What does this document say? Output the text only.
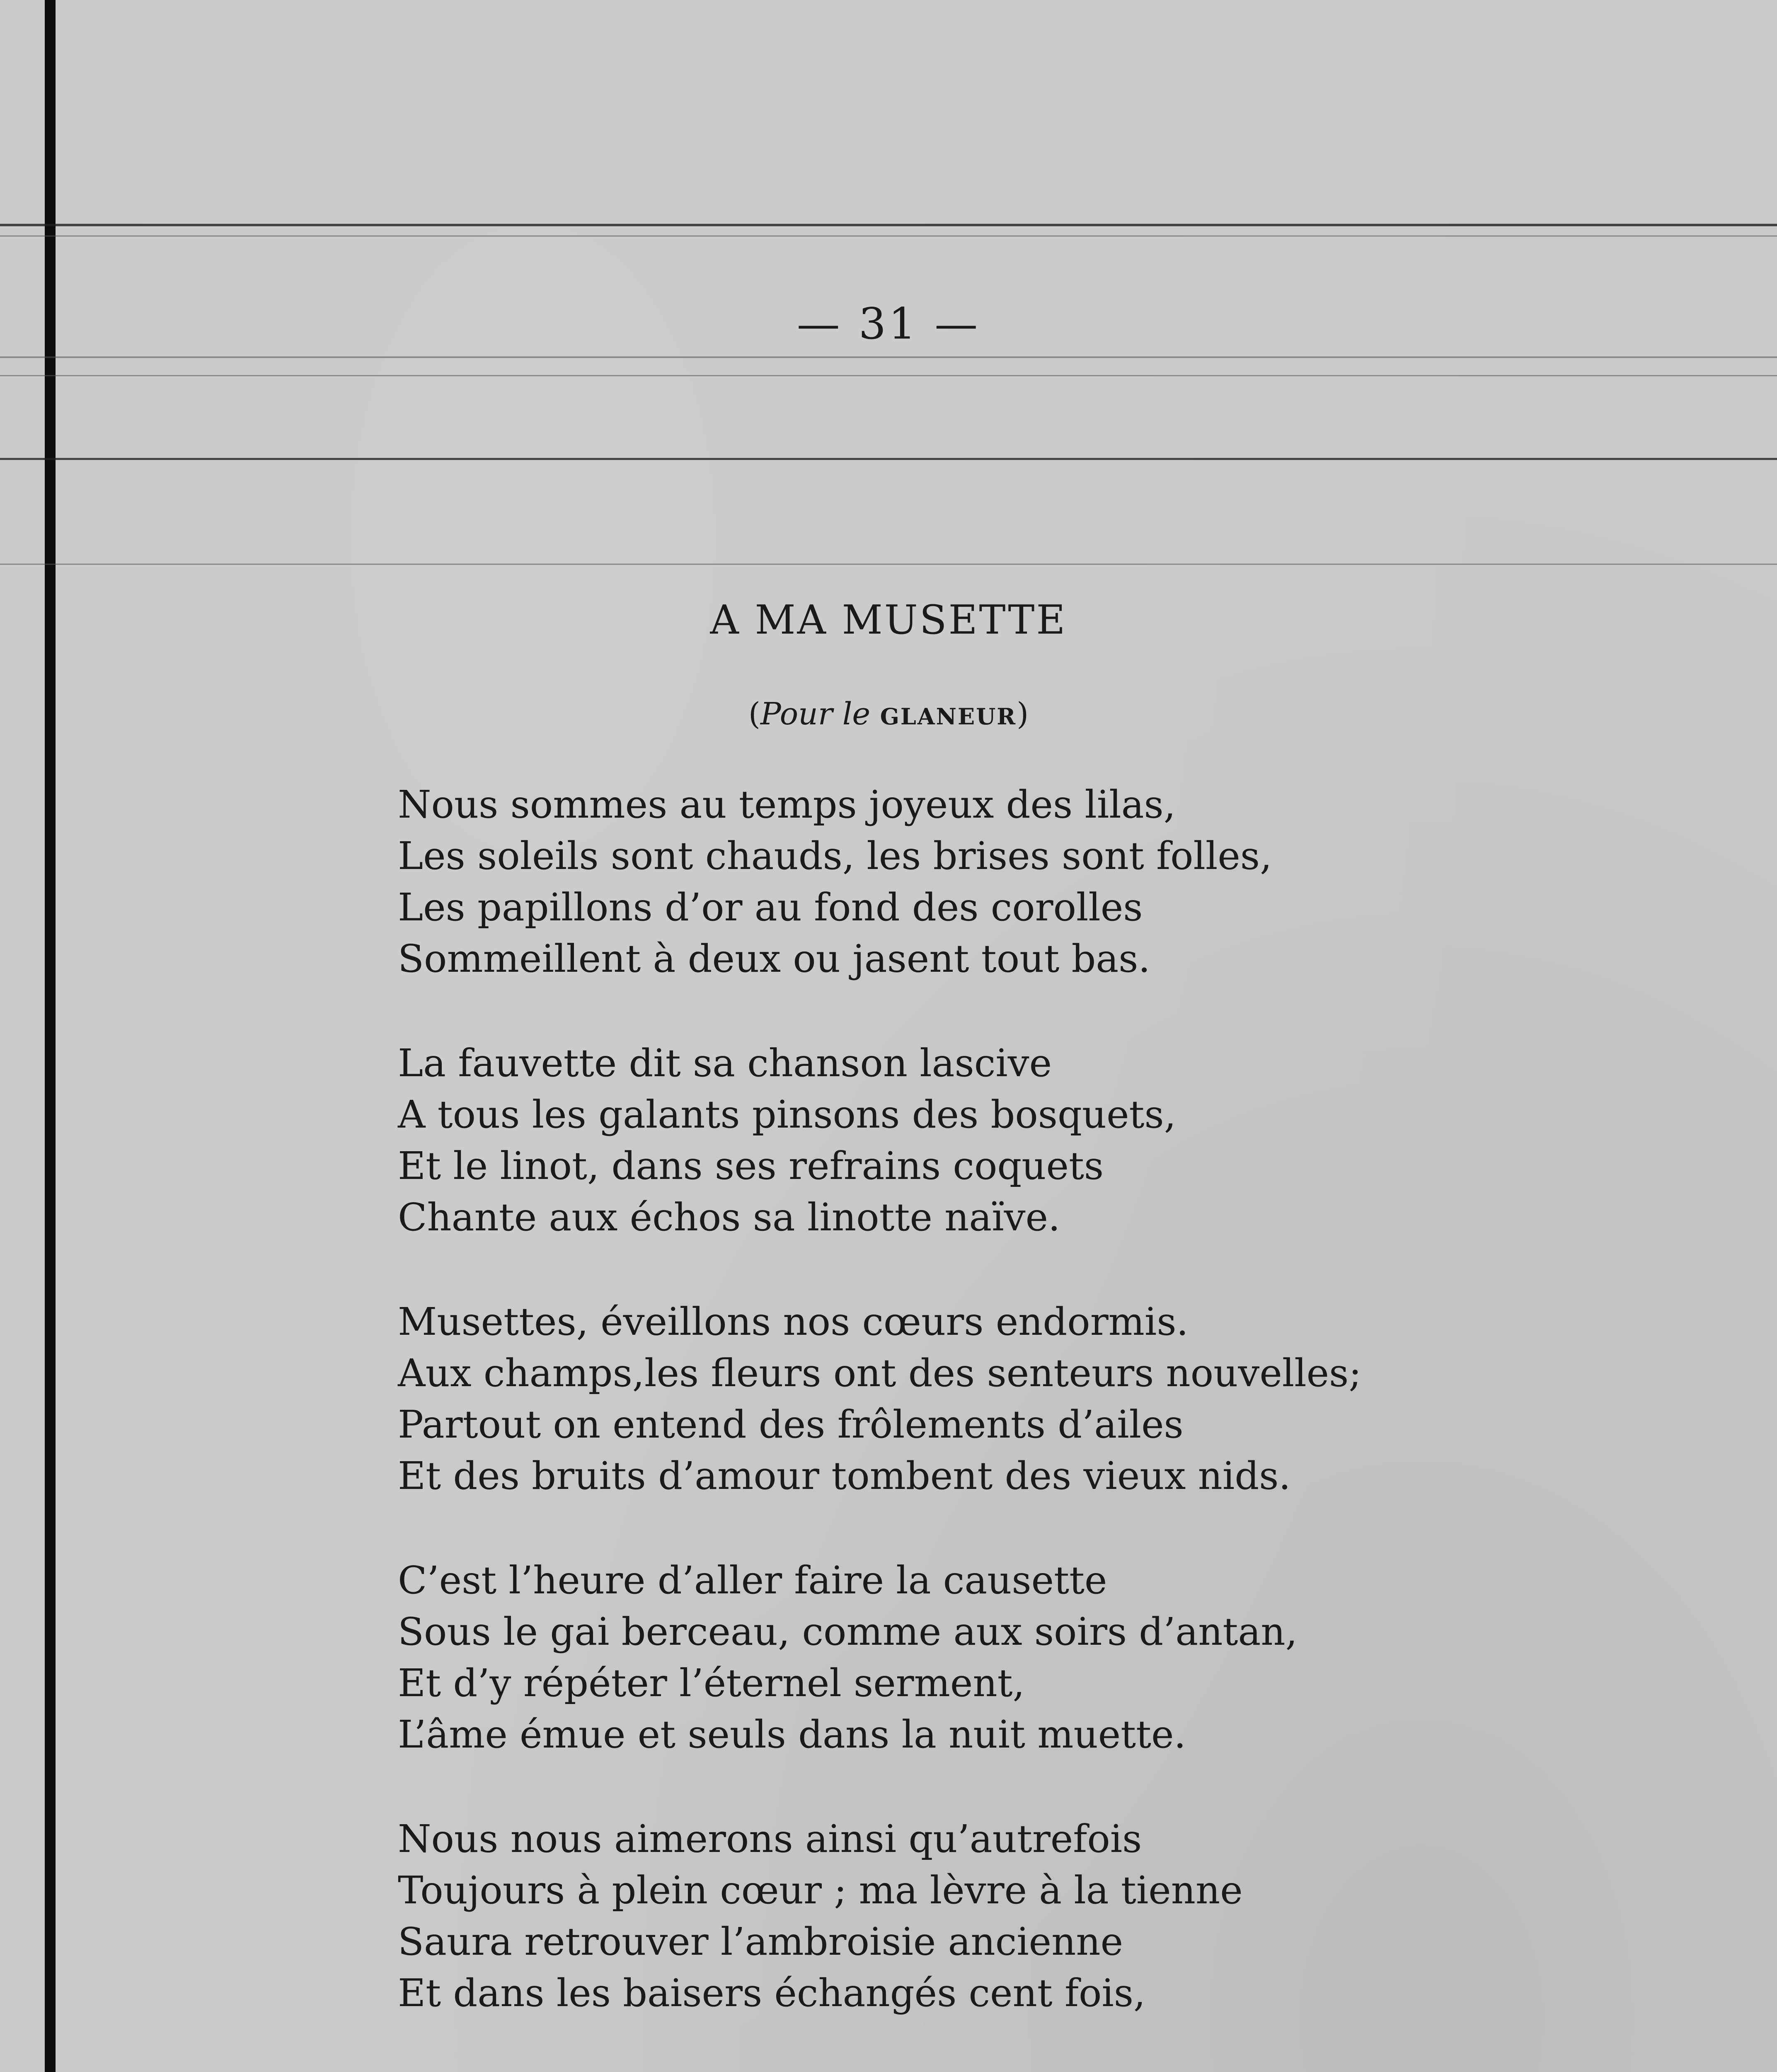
— 31 —
A MA MUSETTE
(Pour le GLANEUR)
Nous sommes au temps joyeux des lilas,
Les soleils sont chauds, les brises sont folles,
Les papillons d’or au fond des corolles
Sommeillent à deux ou jasent tout bas.
La fauvette dit sa chanson lascive
A tous les galants pinsons des bosquets,
Et le linot, dans ses refrains coquets
Chante aux échos sa linotte naïve.
Musettes, éveillons nos cœurs endormis.
Aux champs,les fleurs ont des senteurs nouvelles;
Partout on entend des frôlements d’ailes
Et des bruits d’amour tombent des vieux nids.
C’est l’heure d’aller faire la causette
Sous le gai berceau, comme aux soirs d’antan,
Et d’y répéter l’éternel serment,
L’âme émue et seuls dans la nuit muette.
Nous nous aimerons ainsi qu’autrefois
Toujours à plein cœur ; ma lèvre à la tienne
Saura retrouver l’ambroisie ancienne
Et dans les baisers échangés cent fois,
